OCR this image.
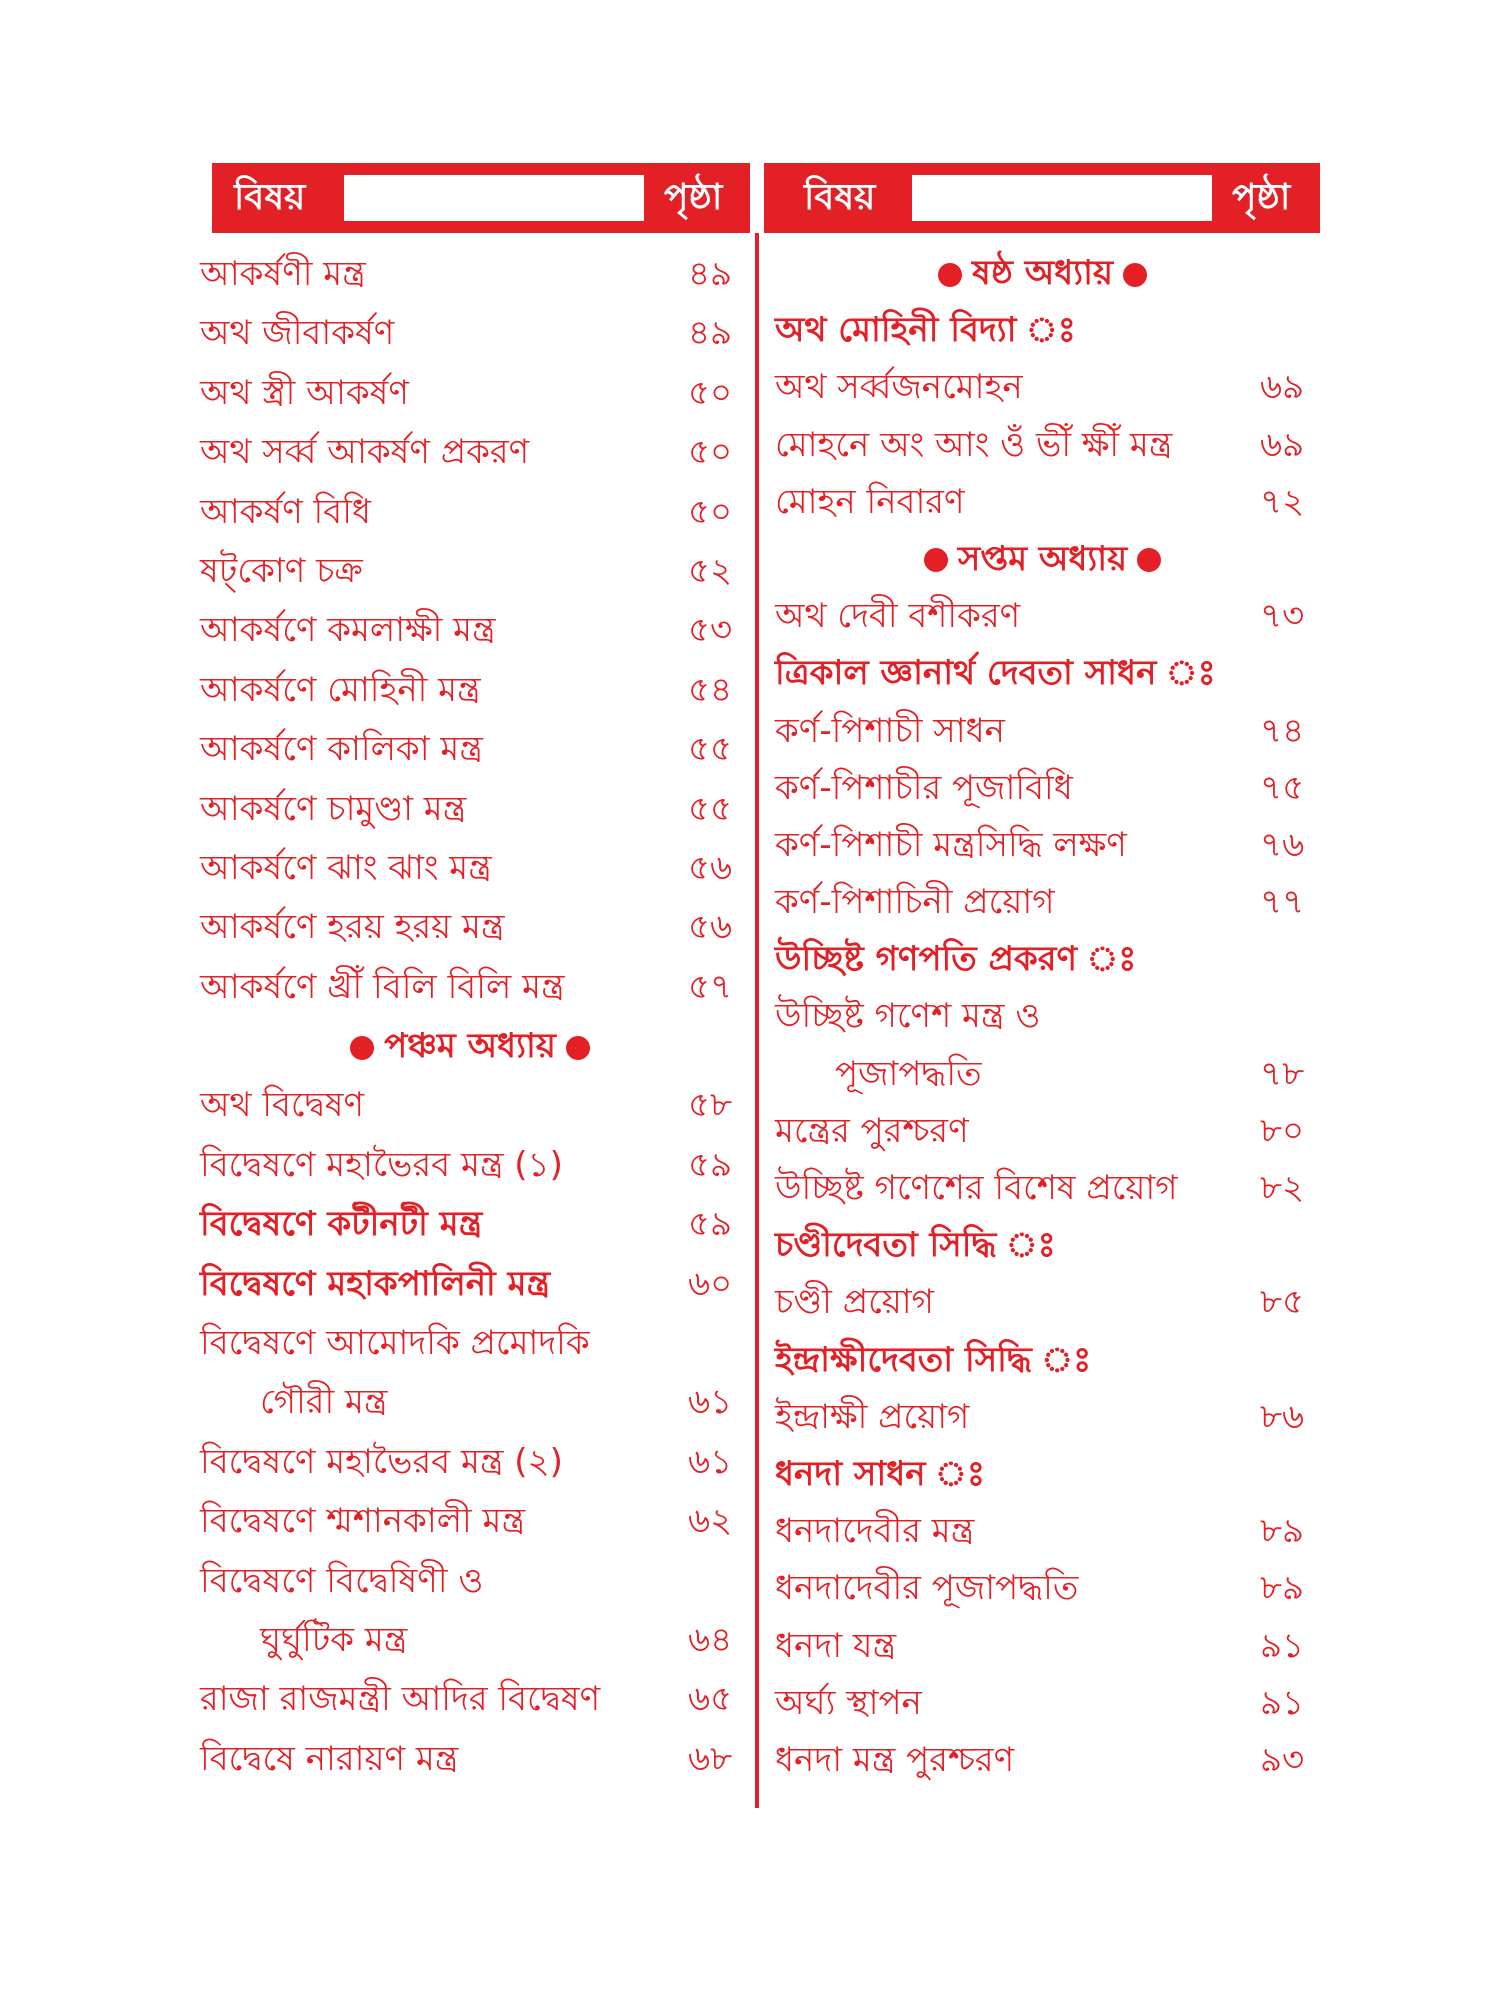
বিষয়	পৃষ্ঠা বিষয়	পৃষ্ঠা
আকর্ষণী মন্ত্র	৪৯
অথ জীবাকর্ষণ	৪৯
অথ স্ত্রী আকর্ষণ	৫০
অথ সর্ব্ব আকর্ষণ প্রকরণ	৫০
আকর্ষণ বিধি	৫০
ষট্‌কোণ চক্র	৫২
আকর্ষণে কমলাক্ষী মন্ত্র	৫৩
আকর্ষণে মোহিনী মন্ত্র	৫৪
আকর্ষণে কালিকা মন্ত্র	৫৫
আকর্ষণে চামুণ্ডা মন্ত্র	৫৫
আকর্ষণে ঝাং ঝাং মন্ত্র	৫৬
আকর্ষণে হরয় হরয় মন্ত্র	৫৬
আকর্ষণে খ্রীঁ বিলি বিলি মন্ত্র	৫৭
পঞ্চম অধ্যায়
অথ বিদ্বেষণ	৫৮
বিদ্বেষণে মহাভৈরব মন্ত্র (১)	৫৯
বিদ্বেষণে কটীনটী মন্ত্র	৫৯
বিদ্বেষণে মহাকপালিনী মন্ত্র	৬০
বিদ্বেষণে আমোদকি প্রমোদকি
গৌরী মন্ত্র	৬১
বিদ্বেষণে মহাভৈরব মন্ত্র (২)	৬১
বিদ্বেষণে শ্মশানকালী মন্ত্র	৬২
বিদ্বেষণে বিদ্বেষিণী ও
ঘুর্ঘুটিক মন্ত্র	৬৪
রাজা রাজমন্ত্রী আদির বিদ্বেষণ	৬৫
বিদ্বেষে নারায়ণ মন্ত্র	৬৮
ষষ্ঠ অধ্যায়
অথ মোহিনী বিদ্যা ঃ
অথ সর্ব্বজনমোহন	৬৯
মোহনে অং আং ওঁ ভীঁ ক্ষীঁ মন্ত্র	৬৯
মোহন নিবারণ	৭২
সপ্তম অধ্যায়
অথ দেবী বশীকরণ	৭৩
ত্রিকাল জ্ঞানার্থ দেবতা সাধন ঃ
কর্ণ-পিশাচী সাধন	৭৪
কর্ণ-পিশাচীর পূজাবিধি	৭৫
কর্ণ-পিশাচী মন্ত্রসিদ্ধি লক্ষণ	৭৬
কর্ণ-পিশাচিনী প্রয়োগ	৭৭
উচ্ছিষ্ট গণপতি প্রকরণ ঃ
উচ্ছিষ্ট গণেশ মন্ত্র ও
পূজাপদ্ধতি	৭৮
মন্ত্রের পুরশ্চরণ	৮০
উচ্ছিষ্ট গণেশের বিশেষ প্রয়োগ ৮২
চণ্ডীদেবতা সিদ্ধি ঃ
চণ্ডী প্রয়োগ	৮৫
ইন্দ্রাক্ষীদেবতা সিদ্ধি ঃ
ইন্দ্রাক্ষী প্রয়োগ	৮৬
ধনদা সাধন ঃ
ধনদাদেবীর মন্ত্র	৮৯
ধনদাদেবীর পূজাপদ্ধতি	৮৯
ধনদা যন্ত্র	৯১
অর্ঘ্য স্থাপন	৯১
ধনদা মন্ত্র পুরশ্চরণ	৯৩
